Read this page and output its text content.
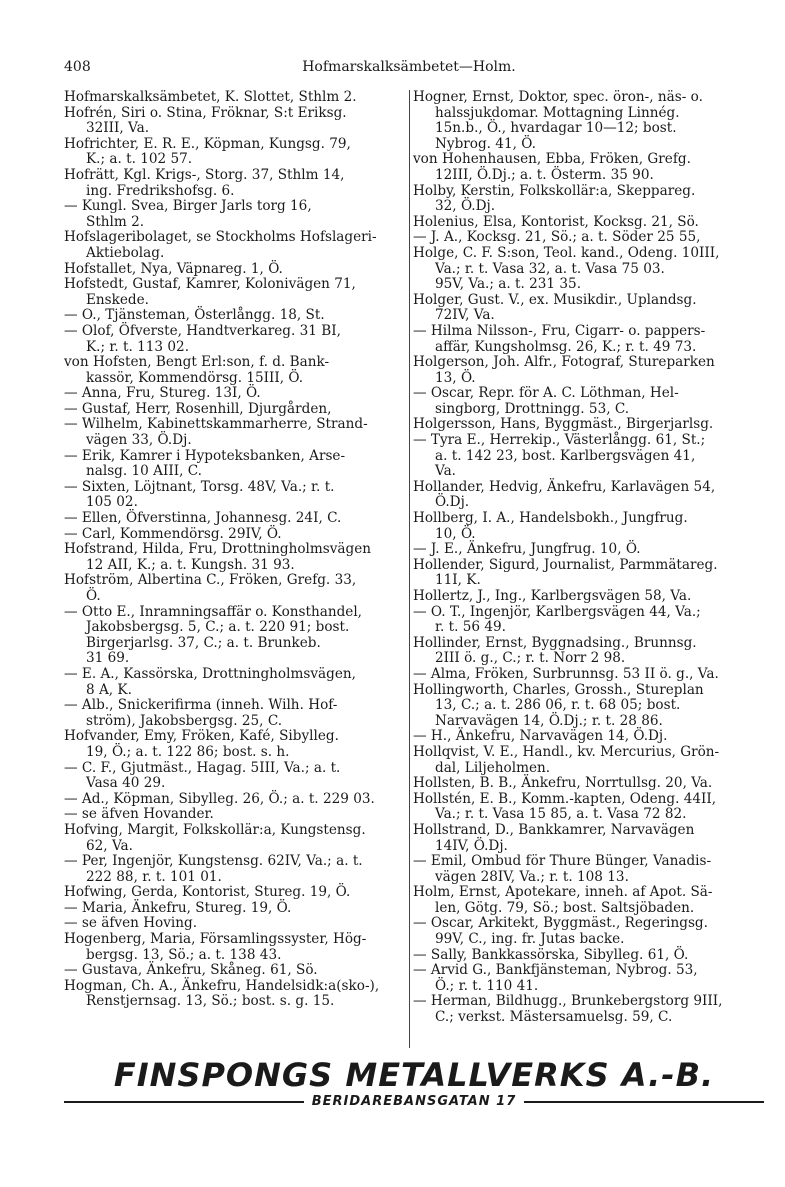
408	Hofmarskalksämbetet—Holm.
Hofmarskalksämbetet, K. Slottet, Sthlm 2.
Hofrén, Siri o. Stina, Fröknar, S:t Eriksg.
32III, Va.
Hofrichter, E. R. E., Köpman, Kungsg. 79,
K.; a. t. 102 57.
Hofrätt, Kgl. Krigs-, Storg. 37, Sthlm 14,
ing. Fredrikshofsg. 6.
— Kungl. Svea, Birger Jarls torg 16,
Sthlm 2.
Hofslageribolaget, se Stockholms Hofslageri-
Aktiebolag.
Hofstallet, Nya, Väpnareg. 1, Ö.
Hofstedt, Gustaf, Kamrer, Kolonivägen 71,
Enskede.
— O., Tjänsteman, Österlångg. 18, St.
— Olof, Öfverste, Handtverkareg. 31 BI,
K.; r. t. 113 02.
von Hofsten, Bengt Erl:son, f. d. Bank-
kassör, Kommendörsg. 15III, Ö.
— Anna, Fru, Stureg. 13I, Ö.
— Gustaf, Herr, Rosenhill, Djurgården,
— Wilhelm, Kabinettskammarherre, Strand-
vägen 33, Ö.Dj.
— Erik, Kamrer i Hypoteksbanken, Arse-
nalsg. 10 AIII, C.
— Sixten, Löjtnant, Torsg. 48V, Va.; r. t.
105 02.
— Ellen, Öfverstinna, Johannesg. 24I, C.
— Carl, Kommendörsg. 29IV, Ö.
Hofstrand, Hilda, Fru, Drottningholmsvägen
12 AII, K.; a. t. Kungsh. 31 93.
Hofström, Albertina C., Fröken, Grefg. 33,
Ö.
— Otto E., Inramningsaffär o. Konsthandel,
Jakobsbergsg. 5, C.; a. t. 220 91; bost.
Birgerjarlsg. 37, C.; a. t. Brunkeb.
31 69.
— E. A., Kassörska, Drottningholmsvägen,
8 A, K.
— Alb., Snickerifirma (inneh. Wilh. Hof-
ström), Jakobsbergsg. 25, C.
Hofvander, Emy, Fröken, Kafé, Sibylleg.
19, Ö.; a. t. 122 86; bost. s. h.
— C. F., Gjutmäst., Hagag. 5III, Va.; a. t.
Vasa 40 29.
— Ad., Köpman, Sibylleg. 26, Ö.; a. t. 229 03.
— se äfven Hovander.
Hofving, Margit, Folkskollär:a, Kungstensg.
62, Va.
— Per, Ingenjör, Kungstensg. 62IV, Va.; a. t.
222 88, r. t. 101 01.
Hofwing, Gerda, Kontorist, Stureg. 19, Ö.
— Maria, Änkefru, Stureg. 19, Ö.
— se äfven Hoving.
Hogenberg, Maria, Församlingssyster, Hög-
bergsg. 13, Sö.; a. t. 138 43.
— Gustava, Änkefru, Skåneg. 61, Sö.
Hogman, Ch. A., Änkefru, Handelsidk:a(sko-),
Renstjernsag. 13, Sö.; bost. s. g. 15.
Hogner, Ernst, Doktor, spec. öron-, näs- o.
halssjukdomar. Mottagning Linnég.
15n.b., Ö., hvardagar 10—12; bost.
Nybrog. 41, Ö.
von Hohenhausen, Ebba, Fröken, Grefg.
12III, Ö.Dj.; a. t. Österm. 35 90.
Holby, Kerstin, Folkskollär:a, Skeppareg.
32, Ö.Dj.
Holenius, Elsa, Kontorist, Kocksg. 21, Sö.
— J. A., Kocksg. 21, Sö.; a. t. Söder 25 55,
Holge, C. F. S:son, Teol. kand., Odeng. 10III,
Va.; r. t. Vasa 32, a. t. Vasa 75 03.
95V, Va.; a. t. 231 35.
Holger, Gust. V., ex. Musikdir., Uplandsg.
72IV, Va.
— Hilma Nilsson-, Fru, Cigarr- o. pappers-
affär, Kungsholmsg. 26, K.; r. t. 49 73.
Holgerson, Joh. Alfr., Fotograf, Stureparken
13, Ö.
— Oscar, Repr. för A. C. Löthman, Hel-
singborg, Drottningg. 53, C.
Holgersson, Hans, Byggmäst., Birgerjarlsg.
— Tyra E., Herrekip., Västerlångg. 61, St.;
a. t. 142 23, bost. Karlbergsvägen 41,
Va.
Hollander, Hedvig, Änkefru, Karlavägen 54,
Ö.Dj.
Hollberg, I. A., Handelsbokh., Jungfrug.
10, Ö.
— J. E., Änkefru, Jungfrug. 10, Ö.
Hollender, Sigurd, Journalist, Parmmätareg.
11I, K.
Hollertz, J., Ing., Karlbergsvägen 58, Va.
— O. T., Ingenjör, Karlbergsvägen 44, Va.;
r. t. 56 49.
Hollinder, Ernst, Byggnadsing., Brunnsg.
2III ö. g., C.; r. t. Norr 2 98.
— Alma, Fröken, Surbrunnsg. 53 II ö. g., Va.
Hollingworth, Charles, Grossh., Stureplan
13, C.; a. t. 286 06, r. t. 68 05; bost.
Narvavägen 14, Ö.Dj.; r. t. 28 86.
— H., Änkefru, Narvavägen 14, Ö.Dj.
Hollqvist, V. E., Handl., kv. Mercurius, Grön-
dal, Liljeholmen.
Hollsten, B. B., Änkefru, Norrtullsg. 20, Va.
Hollstén, E. B., Komm.-kapten, Odeng. 44II,
Va.; r. t. Vasa 15 85, a. t. Vasa 72 82.
Hollstrand, D., Bankkamrer, Narvavägen
14IV, Ö.Dj.
— Emil, Ombud för Thure Bünger, Vanadis-
vägen 28IV, Va.; r. t. 108 13.
Holm, Ernst, Apotekare, inneh. af Apot. Sä-
len, Götg. 79, Sö.; bost. Saltsjöbaden.
— Oscar, Arkitekt, Byggmäst., Regeringsg.
99V, C., ing. fr. Jutas backe.
— Sally, Bankkassörska, Sibylleg. 61, Ö.
— Arvid G., Bankfjänsteman, Nybrog. 53,
Ö.; r. t. 110 41.
— Herman, Bildhugg., Brunkebergstorg 9III,
C.; verkst. Mästersamuelsg. 59, C.
FINSPONGS METALLVERKS A.-B.
BERIDAREBANSGATAN 17
